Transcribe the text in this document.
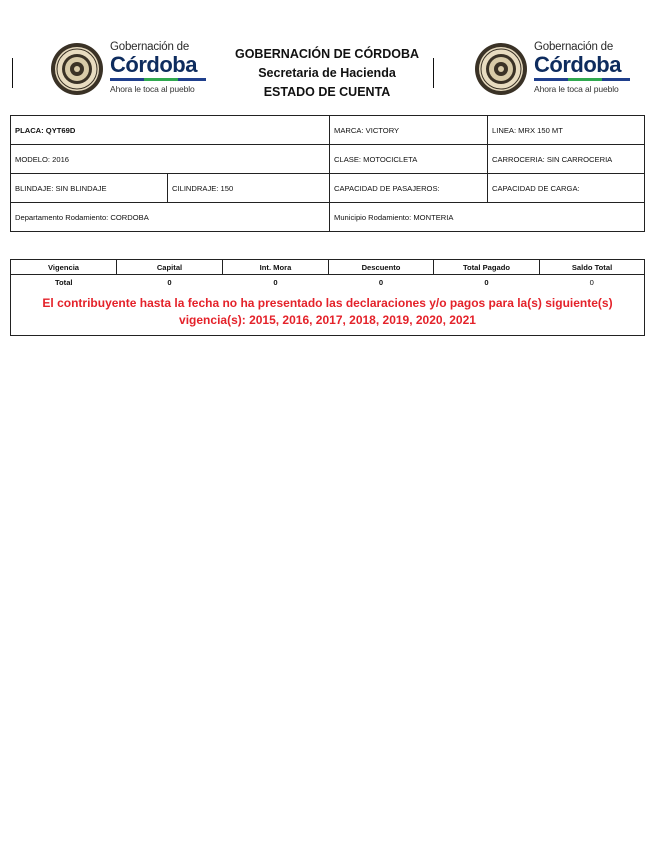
Gobernación de
Córdoba
Ahora le toca al pueblo
GOBERNACIÓN DE CÓRDOBA
Secretaria de Hacienda
ESTADO DE CUENTA
Gobernación de
Córdoba
Ahora le toca al pueblo
PLACA: QYT69D		MARCA: VICTORY	LINEA: MRX 150 MT
MODELO: 2016		CLASE: MOTOCICLETA	CARROCERIA: SIN CARROCERIA
BLINDAJE: SIN BLINDAJE	CILINDRAJE: 150	CAPACIDAD DE PASAJEROS:	CAPACIDAD DE CARGA:
Departamento Rodamiento: CORDOBA		Municipio Rodamiento: MONTERIA	
Vigencia	Capital	Int. Mora	Descuento	Total Pagado	Saldo Total
Total	0	0	0	0	0
El contribuyente hasta la fecha no ha presentado las declaraciones y/o pagos para la(s) siguiente(s) vigencia(s): 2015, 2016, 2017, 2018, 2019, 2020, 2021					
